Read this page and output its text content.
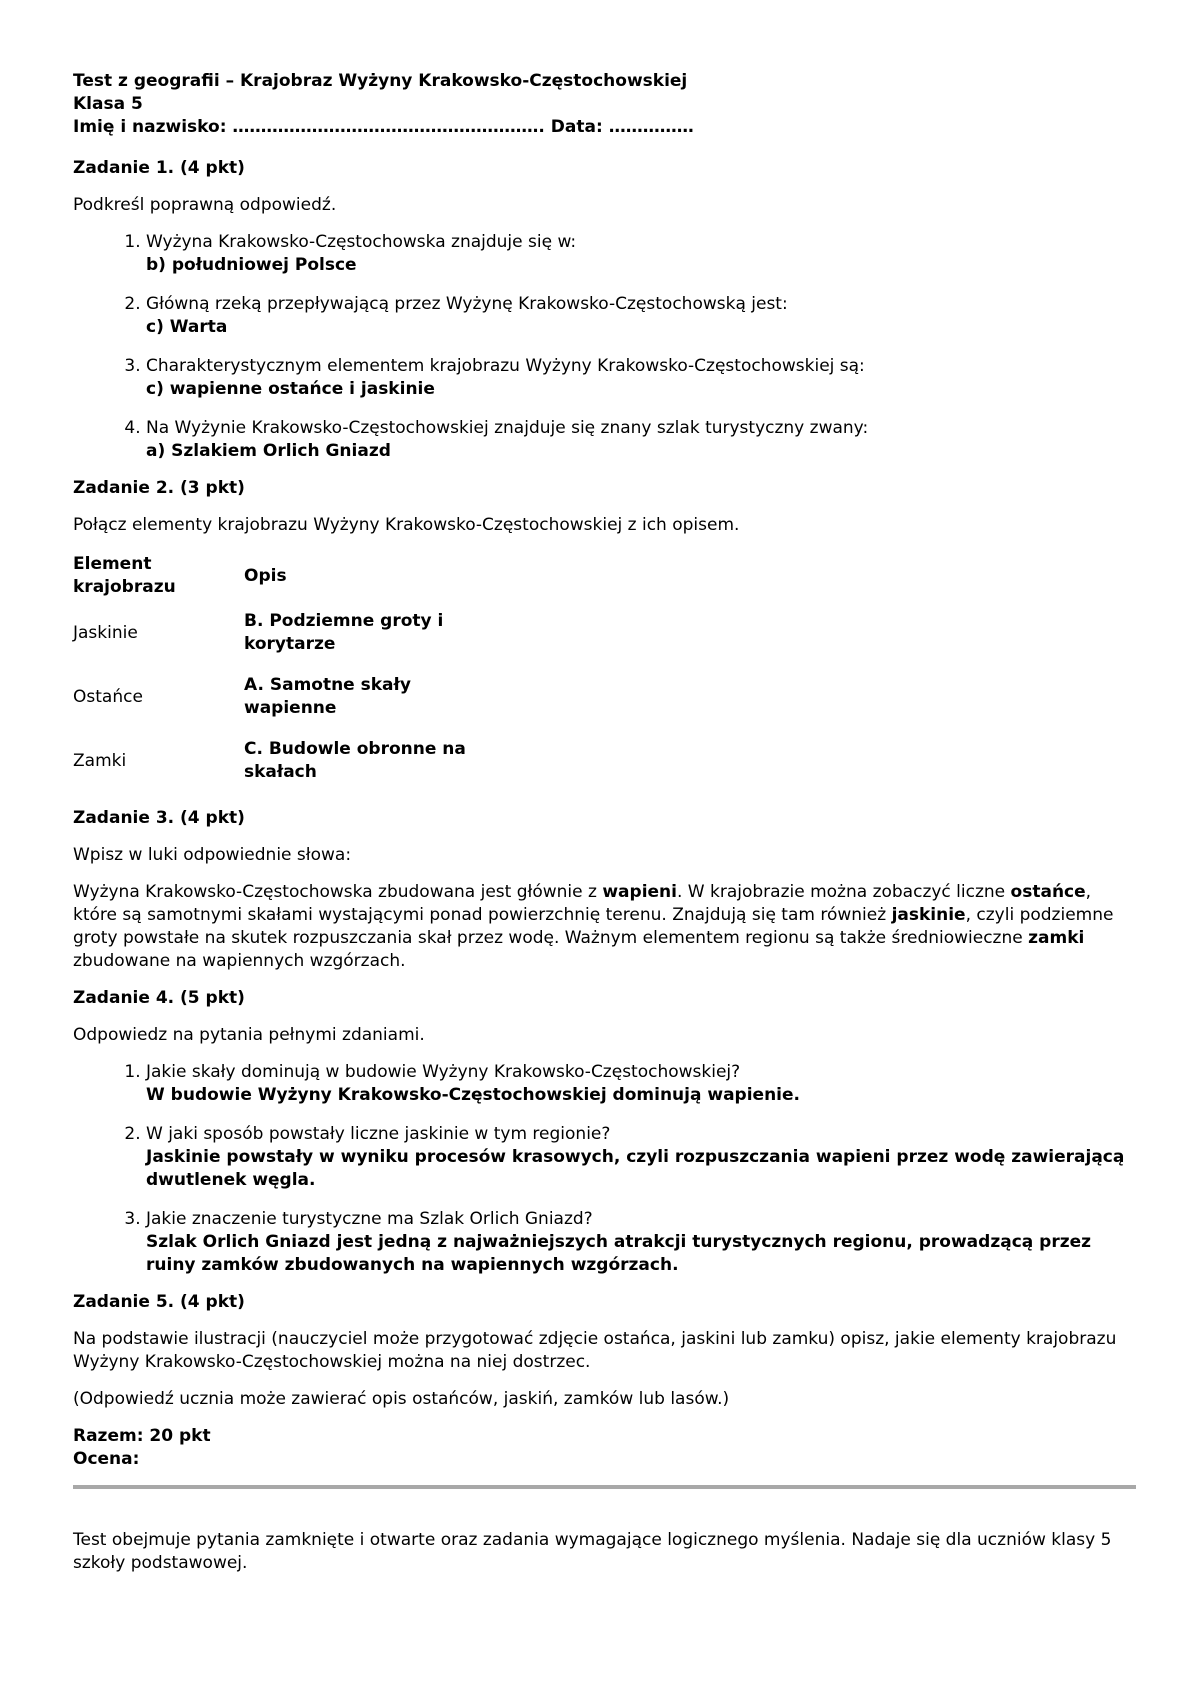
Test z geografii – Krajobraz Wyżyny Krakowsko-Częstochowskiej
Klasa 5
Imię i nazwisko: ………………………………………………. Data: ……………
Zadanie 1. (4 pkt)

Podkreśl poprawną odpowiedź.

1. Wyżyna Krakowsko-Częstochowska znajduje się w:
b) południowej Polsce
2. Główną rzeką przepływającą przez Wyżynę Krakowsko-Częstochowską jest:
c) Warta
3. Charakterystycznym elementem krajobrazu Wyżyny Krakowsko-Częstochowskiej są:
c) wapienne ostańce i jaskinie
4. Na Wyżynie Krakowsko-Częstochowskiej znajduje się znany szlak turystyczny zwany:
a) Szlakiem Orlich Gniazd
Zadanie 2. (3 pkt)

Połącz elementy krajobrazu Wyżyny Krakowsko-Częstochowskiej z ich opisem.

Element krajobrazu	Opis
Jaskinie	B. Podziemne groty i korytarze
Ostańce	A. Samotne skały wapienne
Zamki	C. Budowle obronne na skałach
Zadanie 3. (4 pkt)

Wpisz w luki odpowiednie słowa:

Wyżyna Krakowsko-Częstochowska zbudowana jest głównie z wapieni. W krajobrazie można zobaczyć liczne ostańce, które są samotnymi skałami wystającymi ponad powierzchnię terenu. Znajdują się tam również jaskinie, czyli podziemne groty powstałe na skutek rozpuszczania skał przez wodę. Ważnym elementem regionu są także średniowieczne zamki zbudowane na wapiennych wzgórzach.

Zadanie 4. (5 pkt)

Odpowiedz na pytania pełnymi zdaniami.

1. Jakie skały dominują w budowie Wyżyny Krakowsko-Częstochowskiej?
W budowie Wyżyny Krakowsko-Częstochowskiej dominują wapienie.
2. W jaki sposób powstały liczne jaskinie w tym regionie?
Jaskinie powstały w wyniku procesów krasowych, czyli rozpuszczania wapieni przez wodę zawierającą dwutlenek węgla.
3. Jakie znaczenie turystyczne ma Szlak Orlich Gniazd?
Szlak Orlich Gniazd jest jedną z najważniejszych atrakcji turystycznych regionu, prowadzącą przez ruiny zamków zbudowanych na wapiennych wzgórzach.
Zadanie 5. (4 pkt)

Na podstawie ilustracji (nauczyciel może przygotować zdjęcie ostańca, jaskini lub zamku) opisz, jakie elementy krajobrazu Wyżyny Krakowsko-Częstochowskiej można na niej dostrzec.

(Odpowiedź ucznia może zawierać opis ostańców, jaskiń, zamków lub lasów.)

Razem: 20 pkt
Ocena:

Test obejmuje pytania zamknięte i otwarte oraz zadania wymagające logicznego myślenia. Nadaje się dla uczniów klasy 5 szkoły podstawowej.
